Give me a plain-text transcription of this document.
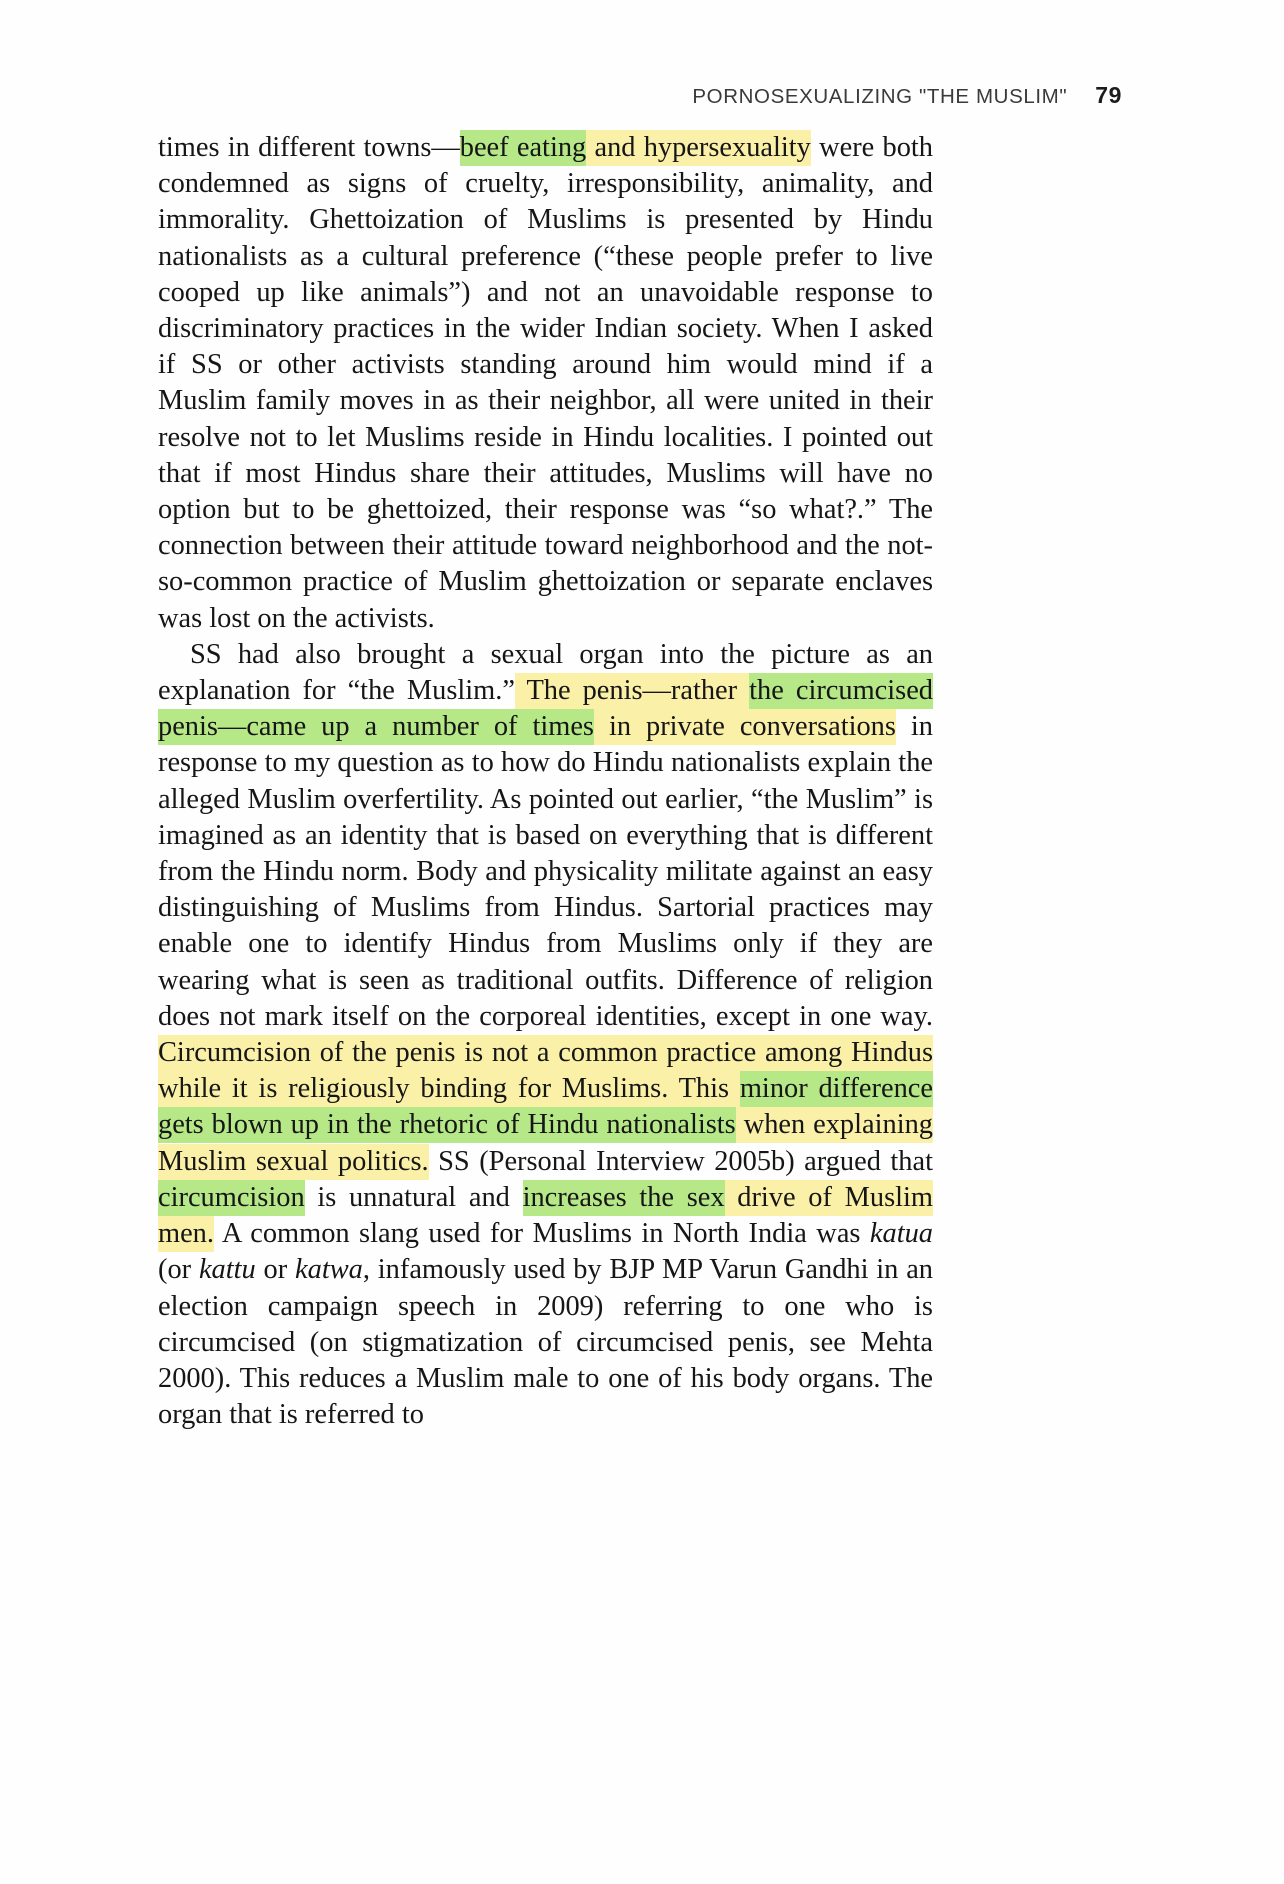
PORNOSEXUALIZING "THE MUSLIM" 79

times in different towns—beef eating and hypersexuality were both condemned as signs of cruelty, irresponsibility, animality, and immorality. Ghettoization of Muslims is presented by Hindu nationalists as a cultural preference (“these people prefer to live cooped up like animals”) and not an unavoidable response to discriminatory practices in the wider Indian society. When I asked if SS or other activists standing around him would mind if a Muslim family moves in as their neighbor, all were united in their resolve not to let Muslims reside in Hindu localities. I pointed out that if most Hindus share their attitudes, Muslims will have no option but to be ghettoized, their response was “so what?.” The connection between their attitude toward neighborhood and the not-so-common practice of Muslim ghettoization or separate enclaves was lost on the activists.

SS had also brought a sexual organ into the picture as an explanation for “the Muslim.” The penis—rather the circumcised penis—came up a number of times in private conversations in response to my question as to how do Hindu nationalists explain the alleged Muslim overfertility. As pointed out earlier, “the Muslim” is imagined as an identity that is based on everything that is different from the Hindu norm. Body and physicality militate against an easy distinguishing of Muslims from Hindus. Sartorial practices may enable one to identify Hindus from Muslims only if they are wearing what is seen as traditional outfits. Difference of religion does not mark itself on the corporeal identities, except in one way. Circumcision of the penis is not a common practice among Hindus while it is religiously binding for Muslims. This minor difference gets blown up in the rhetoric of Hindu nationalists when explaining Muslim sexual politics. SS (Personal Interview 2005b) argued that circumcision is unnatural and increases the sex drive of Muslim men. A common slang used for Muslims in North India was katua (or kattu or katwa, infamously used by BJP MP Varun Gandhi in an election campaign speech in 2009) referring to one who is circumcised (on stigmatization of circumcised penis, see Mehta 2000). This reduces a Muslim male to one of his body organs. The organ that is referred to
